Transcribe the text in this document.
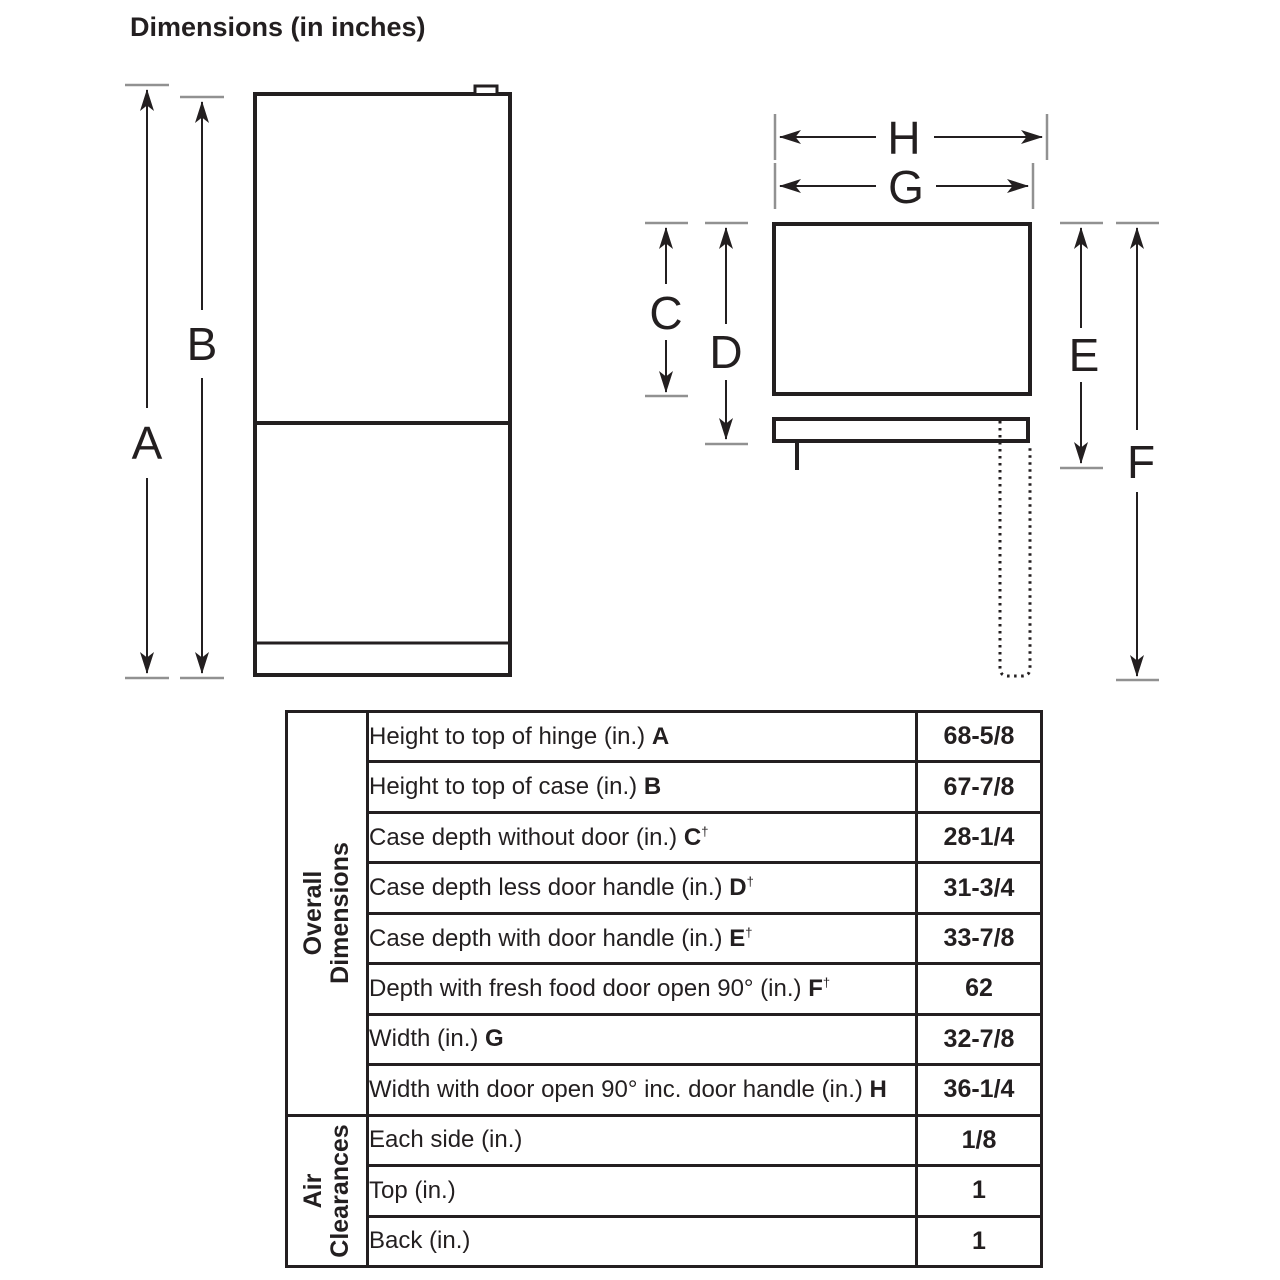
Dimensions (in inches)
A
B
H
G
C
D	E
F
Overall Dimensions	Height to top of hinge (in.) A	68-5/8
	Height to top of case (in.) B	67-7/8
	Case depth without door (in.) C†	28-1/4
	Case depth less door handle (in.) D†	31-3/4
	Case depth with door handle (in.) E†	33-7/8
	Depth with fresh food door open 90° (in.) F†	62
	Width (in.) G	32-7/8
	Width with door open 90° inc. door handle (in.) H	36-1/4

Air Clearances	Each side (in.)	1/8
	Top (in.)	1
	Back (in.)	1
